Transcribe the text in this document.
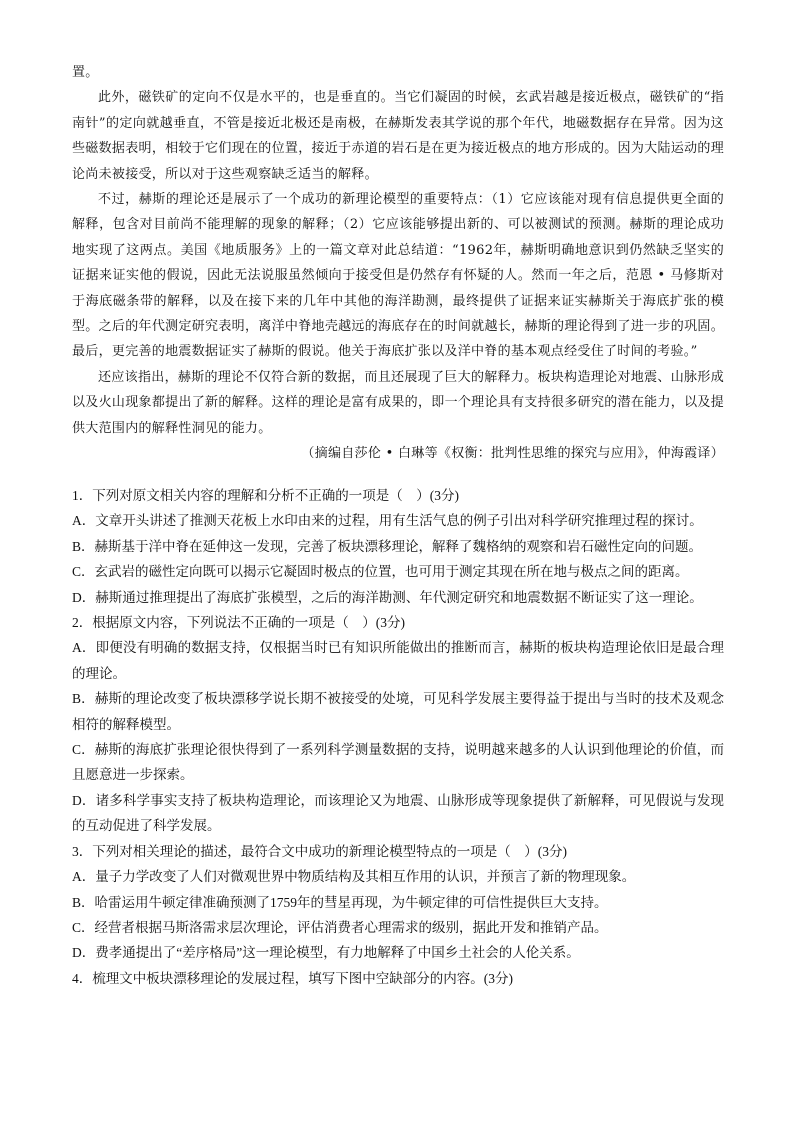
置。

此外，磁铁矿的定向不仅是水平的，也是垂直的。当它们凝固的时候，玄武岩越是接近极点，磁铁矿的“指南针”的定向就越垂直，不管是接近北极还是南极，在赫斯发表其学说的那个年代，地磁数据存在异常。因为这些磁数据表明，相较于它们现在的位置，接近于赤道的岩石是在更为接近极点的地方形成的。因为大陆运动的理论尚未被接受，所以对于这些观察缺乏适当的解释。

不过，赫斯的理论还是展示了一个成功的新理论模型的重要特点：（1）它应该能对现有信息提供更全面的解释，包含对目前尚不能理解的现象的解释；（2）它应该能够提出新的、可以被测试的预测。赫斯的理论成功地实现了这两点。美国《地质服务》上的一篇文章对此总结道：“1962年，赫斯明确地意识到仍然缺乏坚实的证据来证实他的假说，因此无法说服虽然倾向于接受但是仍然存有怀疑的人。然而一年之后，范恩 • 马修斯对于海底磁条带的解释，以及在接下来的几年中其他的海洋勘测，最终提供了证据来证实赫斯关于海底扩张的模型。之后的年代测定研究表明，离洋中脊地壳越远的海底存在的时间就越长，赫斯的理论得到了进一步的巩固。最后，更完善的地震数据证实了赫斯的假说。他关于海底扩张以及洋中脊的基本观点经受住了时间的考验。”

还应该指出，赫斯的理论不仅符合新的数据，而且还展现了巨大的解释力。板块构造理论对地震、山脉形成以及火山现象都提出了新的解释。这样的理论是富有成果的，即一个理论具有支持很多研究的潜在能力，以及提供大范围内的解释性洞见的能力。

（摘编自莎伦 • 白琳等《权衡：批判性思维的探究与应用》，仲海霞译）

1．下列对原文相关内容的理解和分析不正确的一项是（　）(3分)

A．文章开头讲述了推测天花板上水印由来的过程，用有生活气息的例子引出对科学研究推理过程的探讨。

B．赫斯基于洋中脊在延伸这一发现，完善了板块漂移理论，解释了魏格纳的观察和岩石磁性定向的问题。

C．玄武岩的磁性定向既可以揭示它凝固时极点的位置，也可用于测定其现在所在地与极点之间的距离。

D．赫斯通过推理提出了海底扩张模型，之后的海洋勘测、年代测定研究和地震数据不断证实了这一理论。

2．根据原文内容，下列说法不正确的一项是（　）(3分)

A．即便没有明确的数据支持，仅根据当时已有知识所能做出的推断而言，赫斯的板块构造理论依旧是最合理的理论。

B．赫斯的理论改变了板块漂移学说长期不被接受的处境，可见科学发展主要得益于提出与当时的技术及观念相符的解释模型。

C．赫斯的海底扩张理论很快得到了一系列科学测量数据的支持，说明越来越多的人认识到他理论的价值，而且愿意进一步探索。

D．诸多科学事实支持了板块构造理论，而该理论又为地震、山脉形成等现象提供了新解释，可见假说与发现的互动促进了科学发展。

3．下列对相关理论的描述，最符合文中成功的新理论模型特点的一项是（　）(3分)

A．量子力学改变了人们对微观世界中物质结构及其相互作用的认识，并预言了新的物理现象。

B．哈雷运用牛顿定律准确预测了1759年的彗星再现，为牛顿定律的可信性提供巨大支持。

C．经营者根据马斯洛需求层次理论，评估消费者心理需求的级别，据此开发和推销产品。

D．费孝通提出了“差序格局”这一理论模型，有力地解释了中国乡土社会的人伦关系。

4．梳理文中板块漂移理论的发展过程，填写下图中空缺部分的内容。(3分)
